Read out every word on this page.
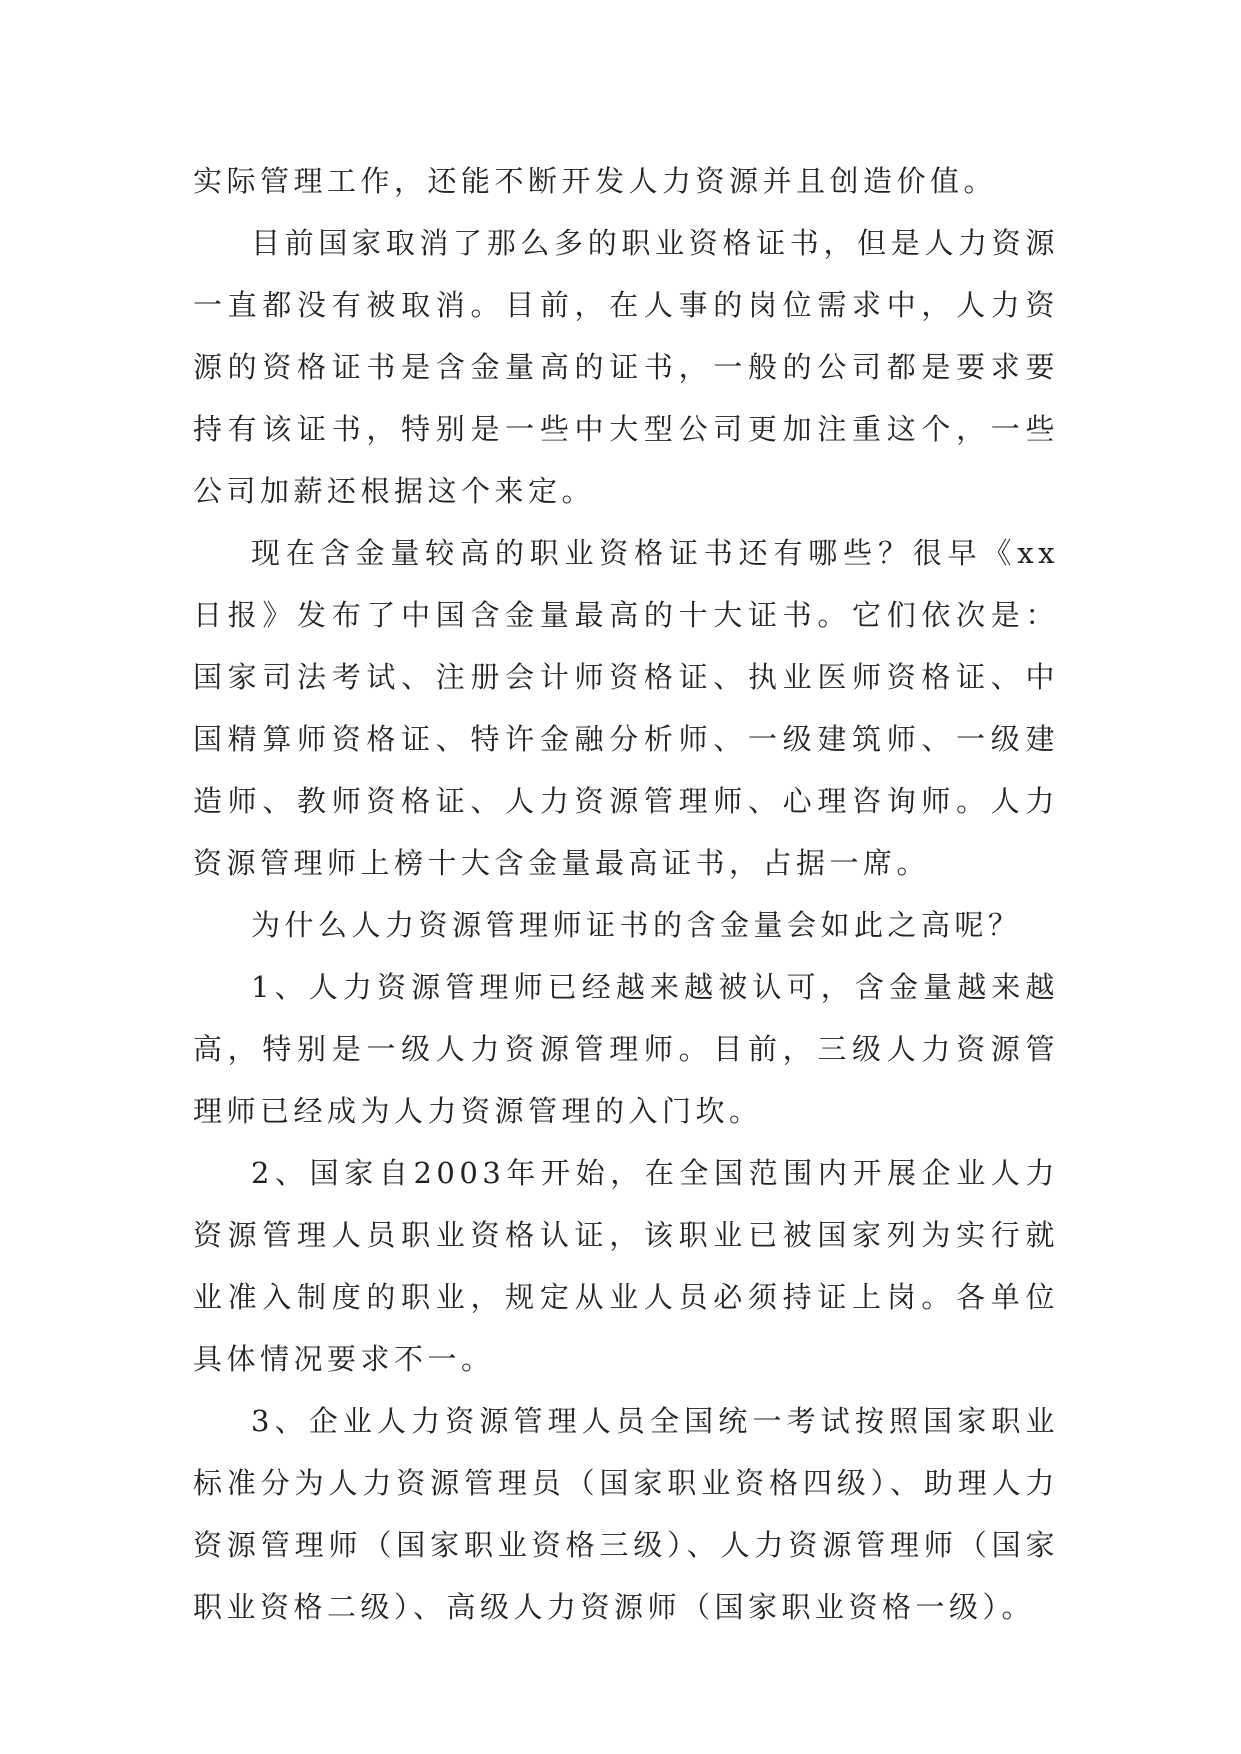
实际管理工作，还能不断开发人力资源并且创造价值。

目前国家取消了那么多的职业资格证书，但是人力资源一直都没有被取消。目前，在人事的岗位需求中，人力资源的资格证书是含金量高的证书，一般的公司都是要求要持有该证书，特别是一些中大型公司更加注重这个，一些公司加薪还根据这个来定。

现在含金量较高的职业资格证书还有哪些？很早《xx日报》发布了中国含金量最高的十大证书。它们依次是：国家司法考试、注册会计师资格证、执业医师资格证、中国精算师资格证、特许金融分析师、一级建筑师、一级建造师、教师资格证、人力资源管理师、心理咨询师。人力资源管理师上榜十大含金量最高证书，占据一席。

为什么人力资源管理师证书的含金量会如此之高呢？

1、人力资源管理师已经越来越被认可，含金量越来越高，特别是一级人力资源管理师。目前，三级人力资源管理师已经成为人力资源管理的入门坎。

2、国家自2003年开始，在全国范围内开展企业人力资源管理人员职业资格认证，该职业已被国家列为实行就业准入制度的职业，规定从业人员必须持证上岗。各单位具体情况要求不一。

3、企业人力资源管理人员全国统一考试按照国家职业标准分为人力资源管理员（国家职业资格四级）、助理人力资源管理师（国家职业资格三级）、人力资源管理师（国家职业资格二级）、高级人力资源师（国家职业资格一级）。
